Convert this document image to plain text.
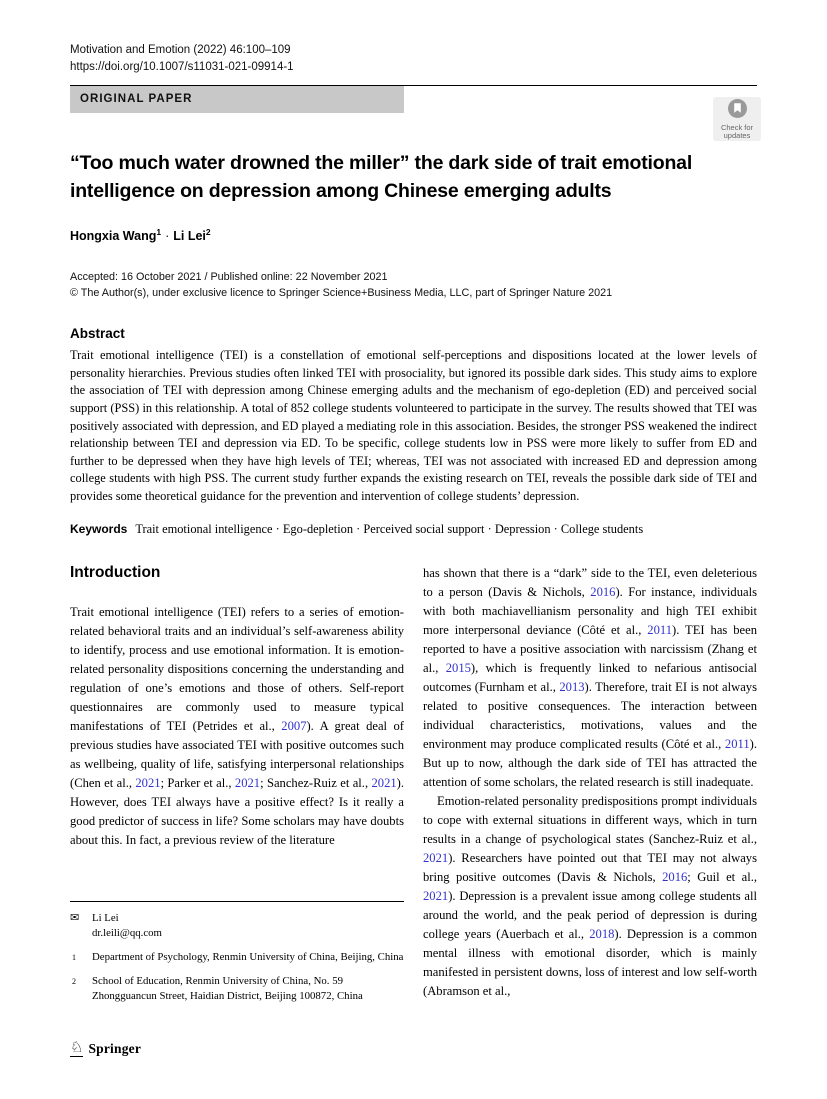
Motivation and Emotion (2022) 46:100–109
https://doi.org/10.1007/s11031-021-09914-1
ORIGINAL PAPER
Check for
updates
“Too much water drowned the miller” the dark side of trait emotional intelligence on depression among Chinese emerging adults
Hongxia Wang$^1$ · Li Lei$^2$
Accepted: 16 October 2021 / Published online: 22 November 2021
© The Author(s), under exclusive licence to Springer Science+Business Media, LLC, part of Springer Nature 2021
Abstract
Trait emotional intelligence (TEI) is a constellation of emotional self-perceptions and dispositions located at the lower levels of personality hierarchies. Previous studies often linked TEI with prosociality, but ignored its possible dark sides. This study aims to explore the association of TEI with depression among Chinese emerging adults and the mechanism of ego-depletion (ED) and perceived social support (PSS) in this relationship. A total of 852 college students volunteered to participate in the survey. The results showed that TEI was positively associated with depression, and ED played a mediating role in this association. Besides, the stronger PSS weakened the indirect relationship between TEI and depression via ED. To be specific, college students low in PSS were more likely to suffer from ED and further to be depressed when they have high levels of TEI; whereas, TEI was not associated with increased ED and depression among college students with high PSS. The current study further expands the existing research on TEI, reveals the possible dark side of TEI and provides some theoretical guidance for the prevention and intervention of college students’ depression.
Keywords Trait emotional intelligence · Ego-depletion · Perceived social support · Depression · College students
Introduction

Trait emotional intelligence (TEI) refers to a series of emotion-related behavioral traits and an individual’s self-awareness ability to identify, process and use emotional information. It is emotion-related personality dispositions concerning the understanding and regulation of one’s emotions and those of others. Self-report questionnaires are commonly used to measure typical manifestations of TEI (Petrides et al., 2007). A great deal of previous studies have associated TEI with positive outcomes such as wellbeing, quality of life, satisfying interpersonal relationships (Chen et al., 2021; Parker et al., 2021; Sanchez-Ruiz et al., 2021). However, does TEI always have a positive effect? Is it really a good predictor of success in life? Some scholars may have doubts about this. In fact, a previous review of the literature

✉	Li Lei
dr.leili@qq.com
1	Department of Psychology, Renmin University of China, Beijing, China
2	School of Education, Renmin University of China, No. 59 Zhongguancun Street, Haidian District, Beijing 100872, China

has shown that there is a “dark” side to the TEI, even deleterious to a person (Davis & Nichols, 2016). For instance, individuals with both machiavellianism personality and high TEI exhibit more interpersonal deviance (Côté et al., 2011). TEI has been reported to have a positive association with narcissism (Zhang et al., 2015), which is frequently linked to nefarious antisocial outcomes (Furnham et al., 2013). Therefore, trait EI is not always related to positive consequences. The interaction between individual characteristics, motivations, values and the environment may produce complicated results (Côté et al., 2011). But up to now, although the dark side of TEI has attracted the attention of some scholars, the related research is still inadequate.

Emotion-related personality predispositions prompt individuals to cope with external situations in different ways, which in turn results in a change of psychological states (Sanchez-Ruiz et al., 2021). Researchers have pointed out that TEI may not always bring positive outcomes (Davis & Nichols, 2016; Guil et al., 2021). Depression is a prevalent issue among college students all around the world, and the peak period of depression is during college years (Auerbach et al., 2018). Depression is a common mental illness with emotional disorder, which is mainly manifested in persistent downs, loss of interest and low self-worth (Abramson et al.,

♘ Springer
